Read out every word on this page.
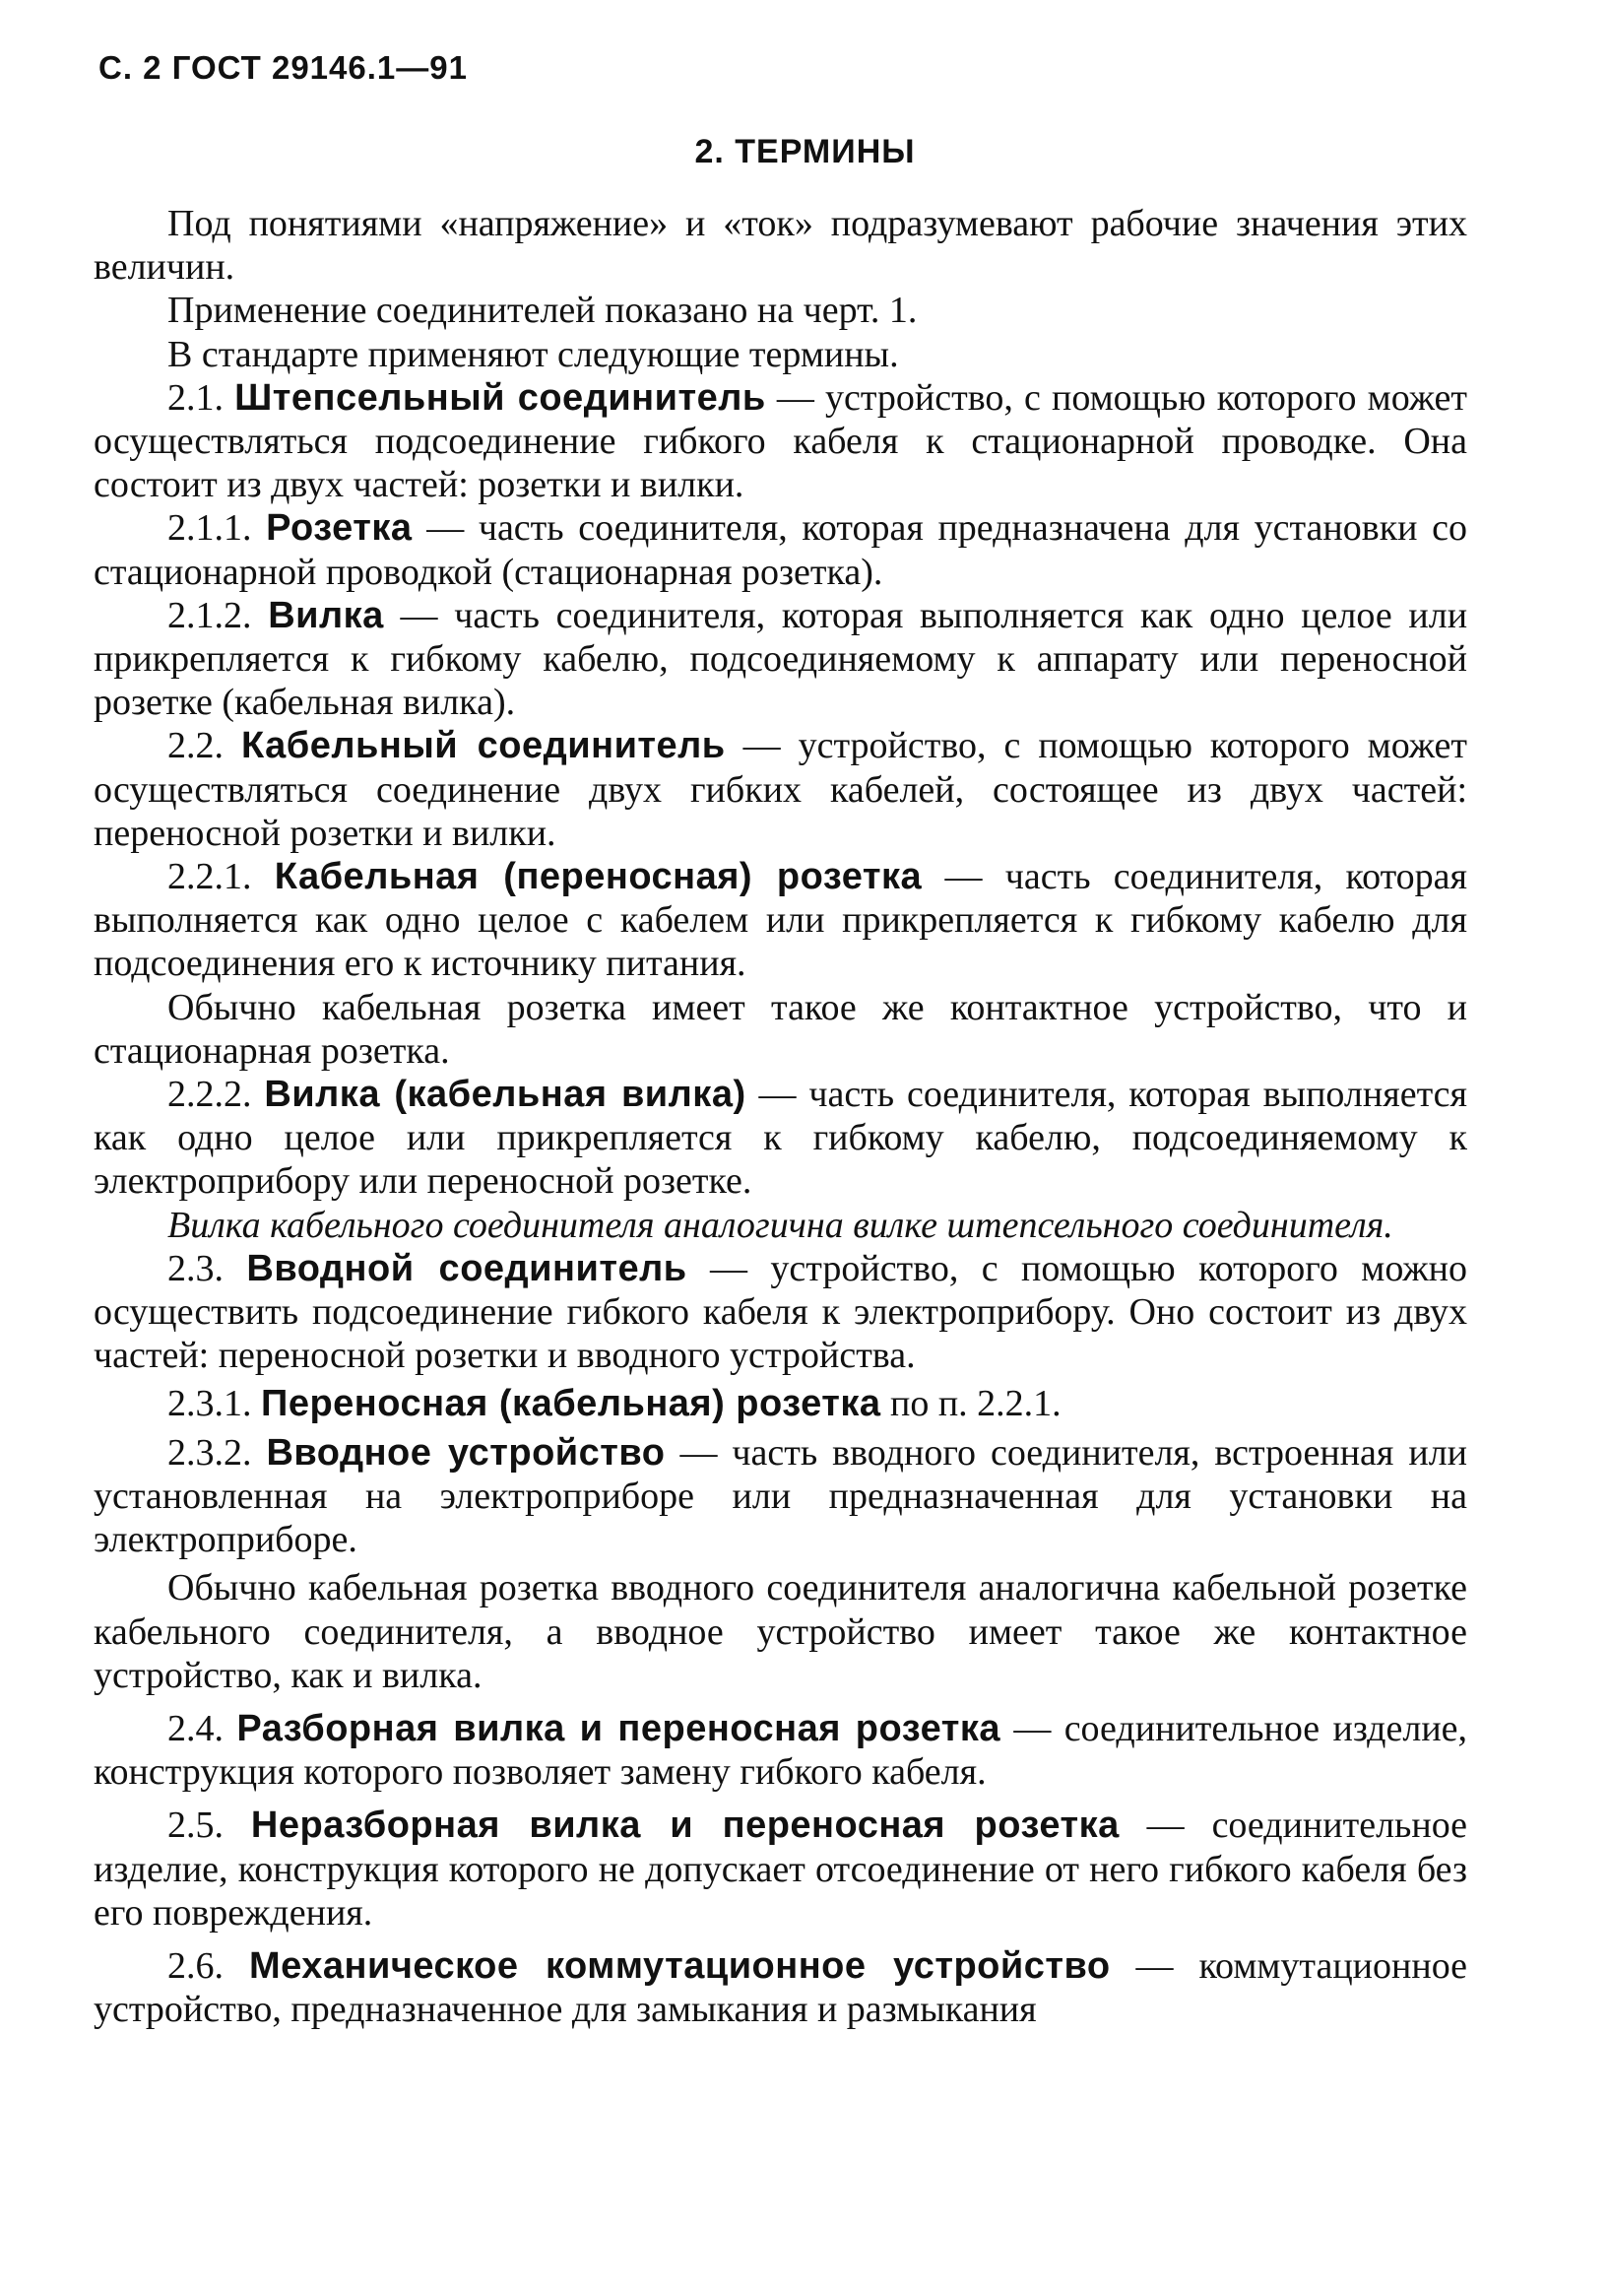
С. 2 ГОСТ 29146.1—91
2. ТЕРМИНЫ

Под понятиями «напряжение» и «ток» подразумевают рабочие значения этих величин.

Применение соединителей показано на черт. 1.

В стандарте применяют следующие термины.

2.1. Штепсельный соединитель — устройство, с помощью которого может осуществляться подсоединение гибкого кабеля к стационарной проводке. Она состоит из двух частей: розетки и вилки.

2.1.1. Розетка — часть соединителя, которая предназначена для установки со стационарной проводкой (стационарная розетка).

2.1.2. Вилка — часть соединителя, которая выполняется как одно целое или прикрепляется к гибкому кабелю, подсоединяемому к аппарату или переносной розетке (кабельная вилка).

2.2. Кабельный соединитель — устройство, с помощью которого может осуществляться соединение двух гибких кабелей, состоящее из двух частей: переносной розетки и вилки.

2.2.1. Кабельная (переносная) розетка — часть соединителя, которая выполняется как одно целое с кабелем или прикрепляется к гибкому кабелю для подсоединения его к источнику питания.

Обычно кабельная розетка имеет такое же контактное устройство, что и стационарная розетка.

2.2.2. Вилка (кабельная вилка) — часть соединителя, которая выполняется как одно целое или прикрепляется к гибкому кабелю, подсоединяемому к электроприбору или переносной розетке.

Вилка кабельного соединителя аналогична вилке штепсельного соединителя.

2.3. Вводной соединитель — устройство, с помощью которого можно осуществить подсоединение гибкого кабеля к электроприбору. Оно состоит из двух частей: переносной розетки и вводного устройства.

2.3.1. Переносная (кабельная) розетка по п. 2.2.1.

2.3.2. Вводное устройство — часть вводного соединителя, встроенная или установленная на электроприборе или предназначенная для установки на электроприборе.

Обычно кабельная розетка вводного соединителя аналогична кабельной розетке кабельного соединителя, а вводное устройство имеет такое же контактное устройство, как и вилка.

2.4. Разборная вилка и переносная розетка — соединительное изделие, конструкция которого позволяет замену гибкого кабеля.

2.5. Неразборная вилка и переносная розетка — соединительное изделие, конструкция которого не допускает отсоединение от него гибкого кабеля без его повреждения.

2.6. Механическое коммутационное устройство — коммутационное устройство, предназначенное для замыкания и размыкания
